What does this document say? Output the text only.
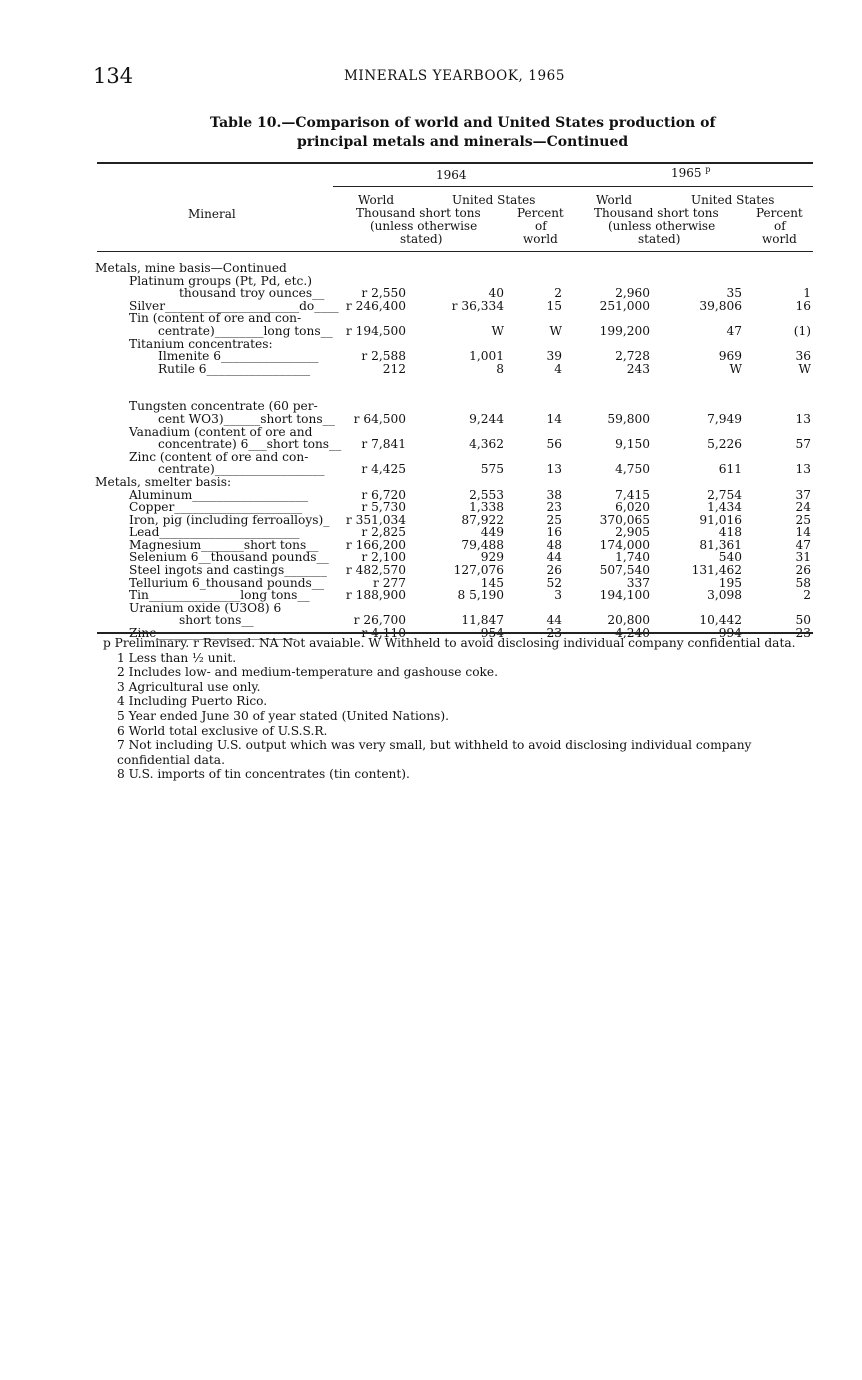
134	MINERALS YEARBOOK, 1965
Table 10.—Comparison of world and United States production of
principal metals and minerals—Continued
1964	1965 $^p$
Mineral
World	United States
Thousand short tons
(unless otherwise
stated)
Percent
of
world
World	United States
Thousand short tons
(unless otherwise
stated)
Percent
of
world
Metals, mine basis—Continued						

Platinum groups (Pt, Pd, etc.)						

thousand troy ounces__	r 2,550	40	2	2,960	35	1

Silver______________________do____	r 246,400	r 36,334	15	251,000	39,806	16

Tin (content of ore and con-						

centrate)________long tons__	r 194,500	W	W	199,200	47	(1)

Titanium concentrates:						

Ilmenite 6________________	r 2,588	1,001	39	2,728	969	36

Rutile 6_________________	212	8	4	243	W	W

Tungsten concentrate (60 per-						

cent WO3)______short tons__	r 64,500	9,244	14	59,800	7,949	13

Vanadium (content of ore and						

concentrate) 6___short tons__	r 7,841	4,362	56	9,150	5,226	57

Zinc (content of ore and con-						

centrate)__________________	r 4,425	575	13	4,750	611	13

Metals, smelter basis:						

Aluminum___________________	r 6,720	2,553	38	7,415	2,754	37

Copper_____________________	r 5,730	1,338	23	6,020	1,434	24

Iron, pig (including ferroalloys)_	r 351,034	87,922	25	370,065	91,016	25

Lead_______________________	r 2,825	449	16	2,905	418	14

Magnesium_______short tons__	r 166,200	79,488	48	174,000	81,361	47

Selenium 6__thousand pounds__	r 2,100	929	44	1,740	540	31

Steel ingots and castings_______	r 482,570	127,076	26	507,540	131,462	26

Tellurium 6_thousand pounds__	r 277	145	52	337	195	58

Tin_______________long tons__	r 188,900	8 5,190	3	194,100	3,098	2

Uranium oxide (U3O8) 6						

short tons__	r 26,700	11,847	44	20,800	10,442	50

Zinc_______________________	r 4,110	954	23	4,240	994	23

p Preliminary. r Revised. NA Not avaiable. W Withheld to avoid disclosing individual company confidential data.

1 Less than ½ unit.

2 Includes low- and medium-temperature and gashouse coke.

3 Agricultural use only.

4 Including Puerto Rico.

5 Year ended June 30 of year stated (United Nations).

6 World total exclusive of U.S.S.R.

7 Not including U.S. output which was very small, but withheld to avoid disclosing individual company confidential data.

8 U.S. imports of tin concentrates (tin content).
